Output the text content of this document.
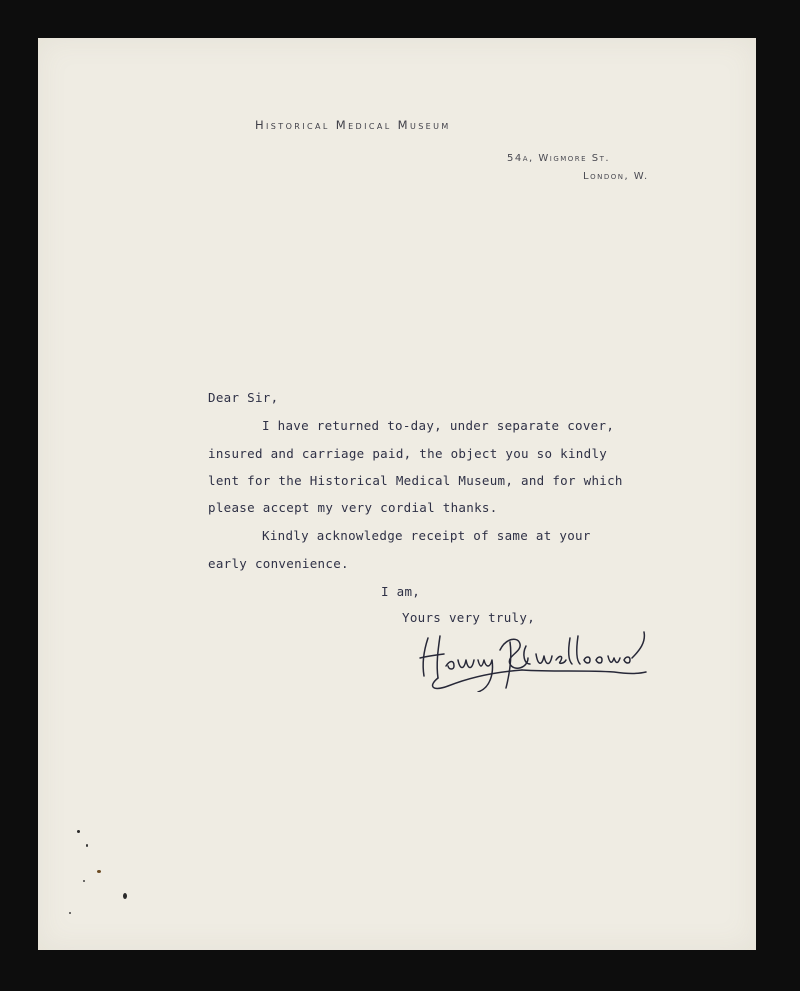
Historical Medical Museum
54a, Wigmore St.
London, W.
Dear Sir,
I have returned to-day, under separate cover,
insured and carriage paid, the object you so kindly
lent for the Historical Medical Museum, and for which
please accept my very cordial thanks.
Kindly acknowledge receipt of same at your
early convenience.
I am,
Yours very truly,
